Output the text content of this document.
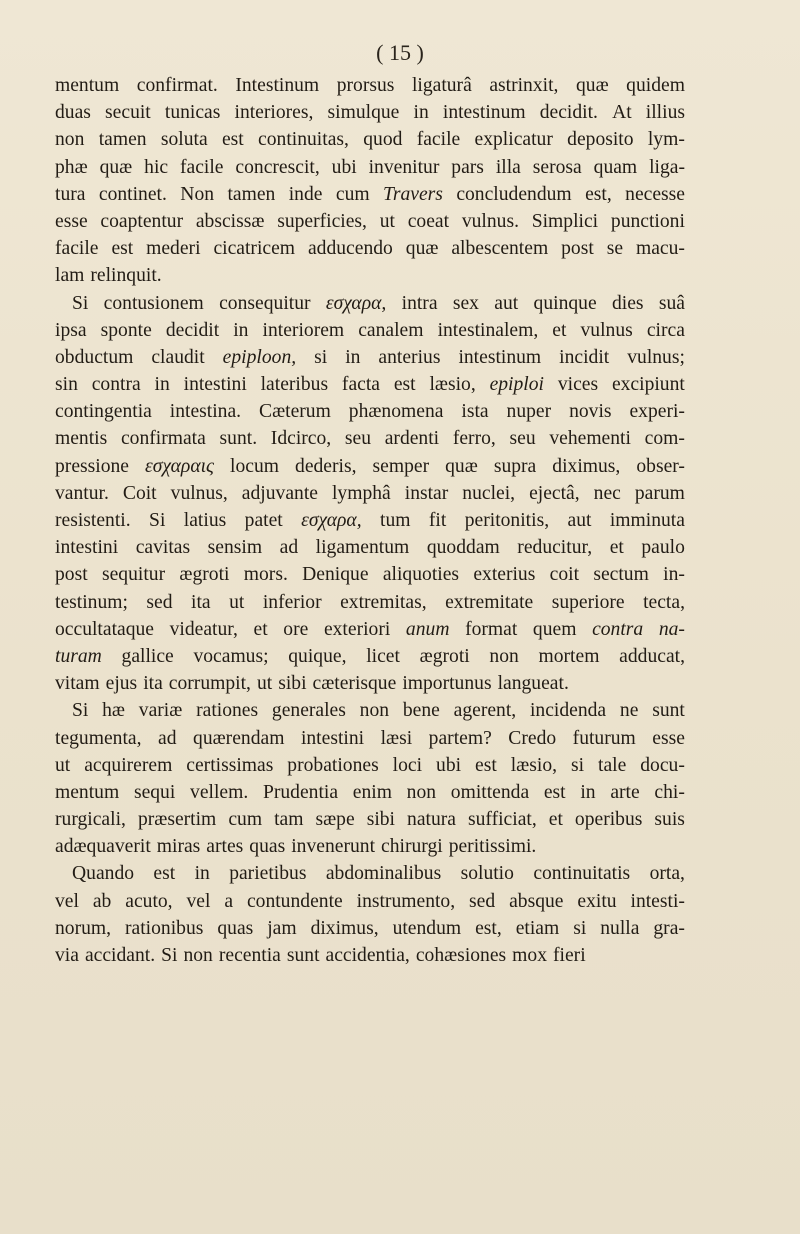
( 15 )
mentum confirmat. Intestinum prorsus ligaturâ astrinxit, quæ quidem
duas secuit tunicas interiores, simulque in intestinum decidit. At illius
non tamen soluta est continuitas, quod facile explicatur deposito lym-
phæ quæ hic facile concrescit, ubi invenitur pars illa serosa quam liga-
tura continet. Non tamen inde cum Travers concludendum est, necesse
esse coaptentur abscissæ superficies, ut coeat vulnus. Simplici punctioni
facile est mederi cicatricem adducendo quæ albescentem post se macu-
lam relinquit.
Si contusionem consequitur εσχαρα, intra sex aut quinque dies suâ
ipsa sponte decidit in interiorem canalem intestinalem, et vulnus circa
obductum claudit epiploon, si in anterius intestinum incidit vulnus;
sin contra in intestini lateribus facta est læsio, epiploi vices excipiunt
contingentia intestina. Cæterum phænomena ista nuper novis experi-
mentis confirmata sunt. Idcirco, seu ardenti ferro, seu vehementi com-
pressione εσχαραις locum dederis, semper quæ supra diximus, obser-
vantur. Coit vulnus, adjuvante lymphâ instar nuclei, ejectâ, nec parum
resistenti. Si latius patet εσχαρα, tum fit peritonitis, aut imminuta
intestini cavitas sensim ad ligamentum quoddam reducitur, et paulo
post sequitur ægroti mors. Denique aliquoties exterius coit sectum in-
testinum; sed ita ut inferior extremitas, extremitate superiore tecta,
occultataque videatur, et ore exteriori anum format quem contra na-
turam gallice vocamus; quique, licet ægroti non mortem adducat,
vitam ejus ita corrumpit, ut sibi cæterisque importunus langueat.
Si hæ variæ rationes generales non bene agerent, incidenda ne sunt
tegumenta, ad quærendam intestini læsi partem? Credo futurum esse
ut acquirerem certissimas probationes loci ubi est læsio, si tale docu-
mentum sequi vellem. Prudentia enim non omittenda est in arte chi-
rurgicali, præsertim cum tam sæpe sibi natura sufficiat, et operibus suis
adæquaverit miras artes quas invenerunt chirurgi peritissimi.
Quando est in parietibus abdominalibus solutio continuitatis orta,
vel ab acuto, vel a contundente instrumento, sed absque exitu intesti-
norum, rationibus quas jam diximus, utendum est, etiam si nulla gra-
via accidant. Si non recentia sunt accidentia, cohæsiones mox fieri
